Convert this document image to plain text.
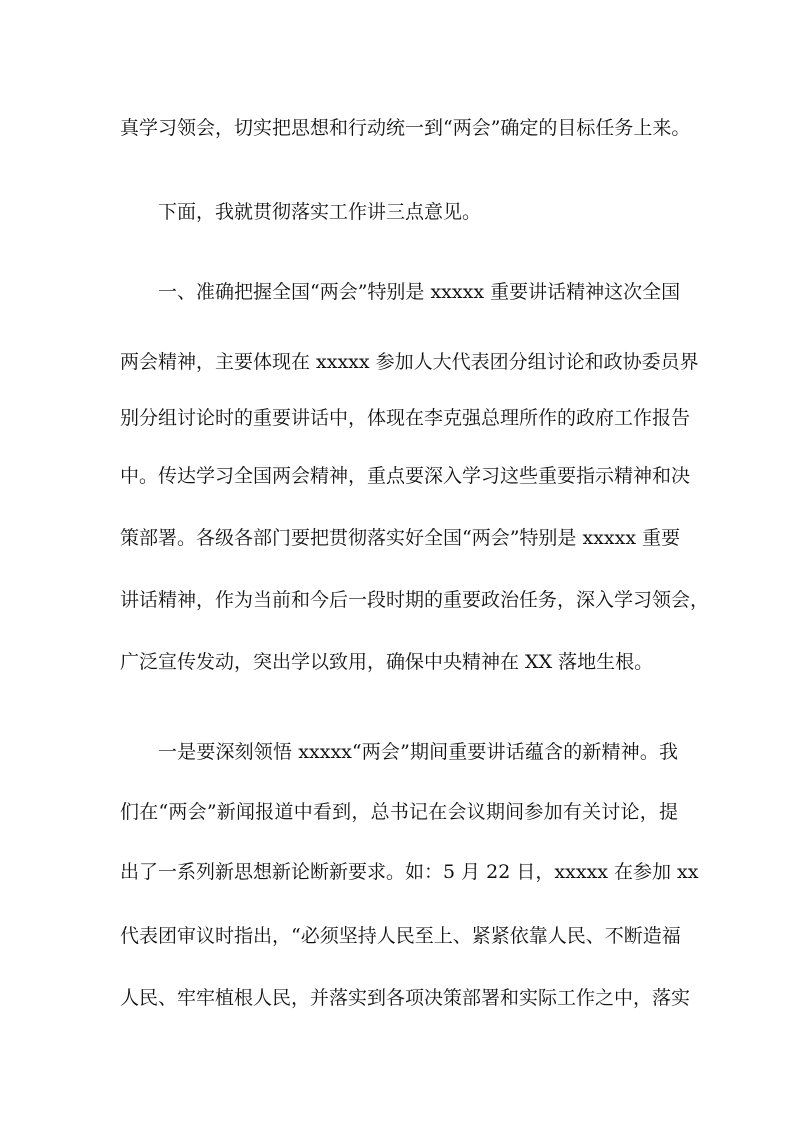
真学习领会，切实把思想和行动统一到“两会”确定的目标任务上来。
下面，我就贯彻落实工作讲三点意见。
一、准确把握全国“两会”特别是 xxxxx 重要讲话精神这次全国
两会精神，主要体现在 xxxxx 参加人大代表团分组讨论和政协委员界
别分组讨论时的重要讲话中，体现在李克强总理所作的政府工作报告
中。传达学习全国两会精神，重点要深入学习这些重要指示精神和决
策部署。各级各部门要把贯彻落实好全国“两会”特别是 xxxxx 重要
讲话精神，作为当前和今后一段时期的重要政治任务，深入学习领会，
广泛宣传发动，突出学以致用，确保中央精神在 XX 落地生根。
一是要深刻领悟 xxxxx“两会”期间重要讲话蕴含的新精神。我
们在“两会”新闻报道中看到，总书记在会议期间参加有关讨论，提
出了一系列新思想新论断新要求。如：5 月 22 日，xxxxx 在参加 xx
代表团审议时指出，“必须坚持人民至上、紧紧依靠人民、不断造福
人民、牢牢植根人民，并落实到各项决策部署和实际工作之中，落实
